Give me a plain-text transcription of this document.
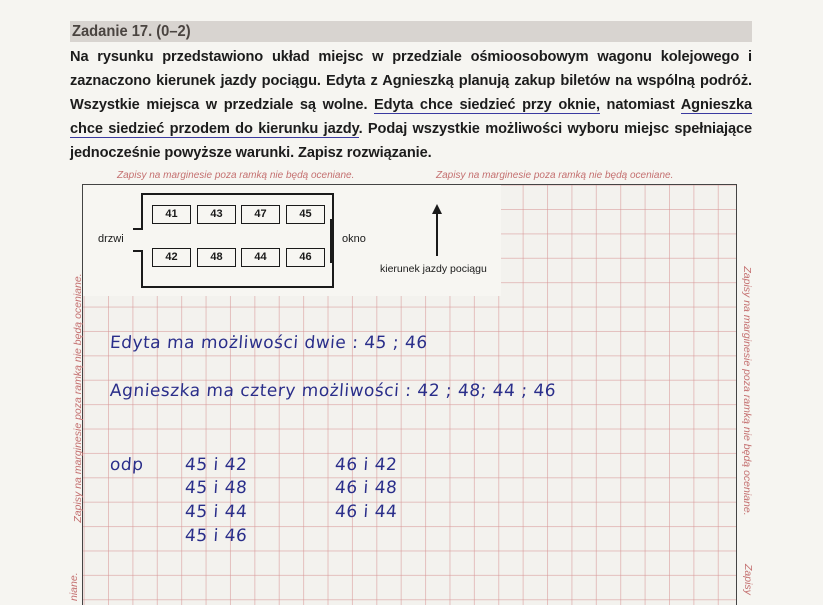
Zadanie 17. (0–2)
Na rysunku przedstawiono układ miejsc w przedziale ośmioosobowym wagonu kolejowego i zaznaczono kierunek jazdy pociągu. Edyta z Agnieszką planują zakup biletów na wspólną podróż. Wszystkie miejsca w przedziale są wolne. Edyta chce siedzieć przy oknie, natomiast Agnieszka chce siedzieć przodem do kierunku jazdy. Podaj wszystkie możliwości wyboru miejsc spełniające jednocześnie powyższe warunki. Zapisz rozwiązanie.
Zapisy na marginesie poza ramką nie będą oceniane.	Zapisy na marginesie poza ramką nie będą oceniane.
41	43	47	45
42	48	44	46
drzwi	okno
kierunek jazdy pociągu
Edyta ma możliwości dwie : 45 ; 46
Agnieszka ma cztery możliwości : 42 ; 48; 44 ; 46
odp 45 i 42
45 i 48
45 i 44
45 i 46
46 i 42
46 i 48
46 i 44
Zapisy na marginesie poza ramką nie będą oceniane.
niane.
Zapisy na marginesie poza ramką nie będą oceniane.
Zapisy
